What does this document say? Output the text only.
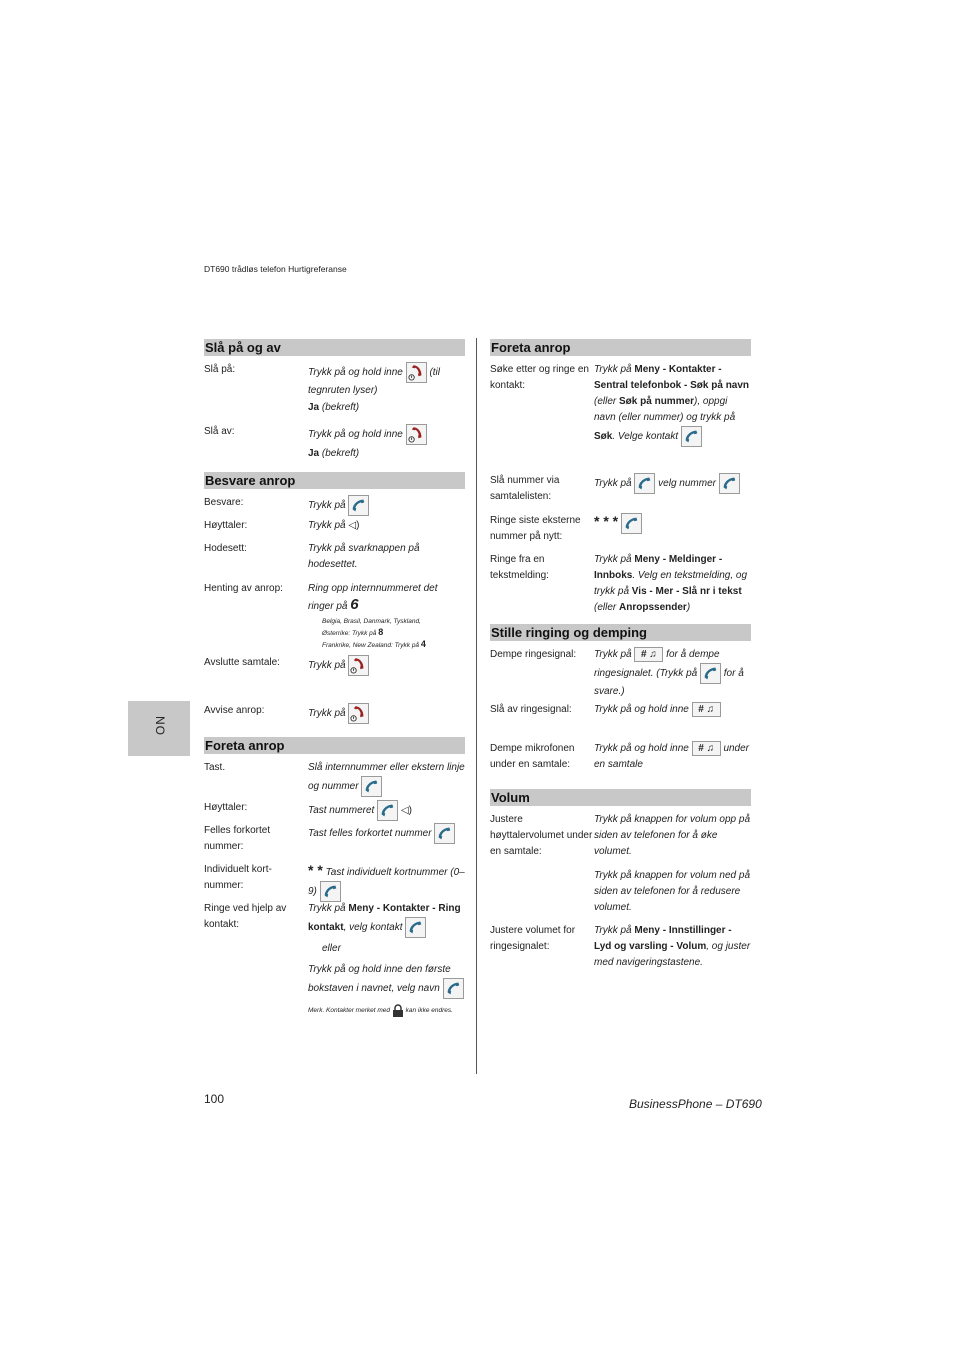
DT690 trådløs telefon Hurtigreferanse
Slå på og av
Slå på:	Trykk på og hold inne	(til tegnruten lyser)
Ja (bekreft)
Slå av:	Trykk på og hold inne
Ja (bekreft)
Besvare anrop
Besvare:	Trykk på
Høyttaler:	Trykk på ◁)
Hodesett:	Trykk på svarknappen på hodesettet.
Henting av anrop:	Ring opp internnummeret det ringer på 6
Belgia, Brasil, Danmark, Tyskland,
Østerrike: Trykk på 8
Frankrike, New Zealand: Trykk på 4
Avslutte samtale:	Trykk på
Avvise anrop:	Trykk på
Foreta anrop
Tast.	Slå internnummer eller ekstern linje og nummer
Høyttaler:	Tast nummeret	◁)
Felles forkortet nummer:
Tast felles forkortet nummer
Individuelt kort-nummer:
* * Tast individuelt kortnummer (0–9)
Ringe ved hjelp av kontakt:
Trykk på Meny - Kontakter - Ring kontakt, velg kontakt
eller
Trykk på og hold inne den første bokstaven i navnet, velg navn
Merk. Kontakter merket med kan ikke endres.
Foreta anrop
Søke etter og ringe en kontakt:
Trykk på Meny - Kontakter - Sentral telefonbok - Søk på navn (eller Søk på nummer), oppgi navn (eller nummer) og trykk på Søk. Velge kontakt
Slå nummer via samtalelisten:
Trykk på	velg nummer
Ringe siste eksterne nummer på nytt:
* * *
Ringe fra en tekstmelding:
Trykk på Meny - Meldinger - Innboks. Velg en tekstmelding, og trykk på Vis - Mer - Slå nr i tekst (eller Anropssender)
Stille ringing og demping
Dempe ringesignal:	Trykk på # ♫ for å dempe ringesignalet. (Trykk på	for å svare.)
Slå av ringesignal:	Trykk på og hold inne # ♫
Dempe mikrofonen under en samtale:
Trykk på og hold inne # ♫ under en samtale
Volum
Justere høyttalervolumet under en samtale:
Trykk på knappen for volum opp på siden av telefonen for å øke volumet.
Trykk på knappen for volum ned på siden av telefonen for å redusere volumet.
Justere volumet for ringesignalet:
Trykk på Meny - Innstillinger - Lyd og varsling - Volum, og juster med navigeringstastene.
NO
100	BusinessPhone – DT690
